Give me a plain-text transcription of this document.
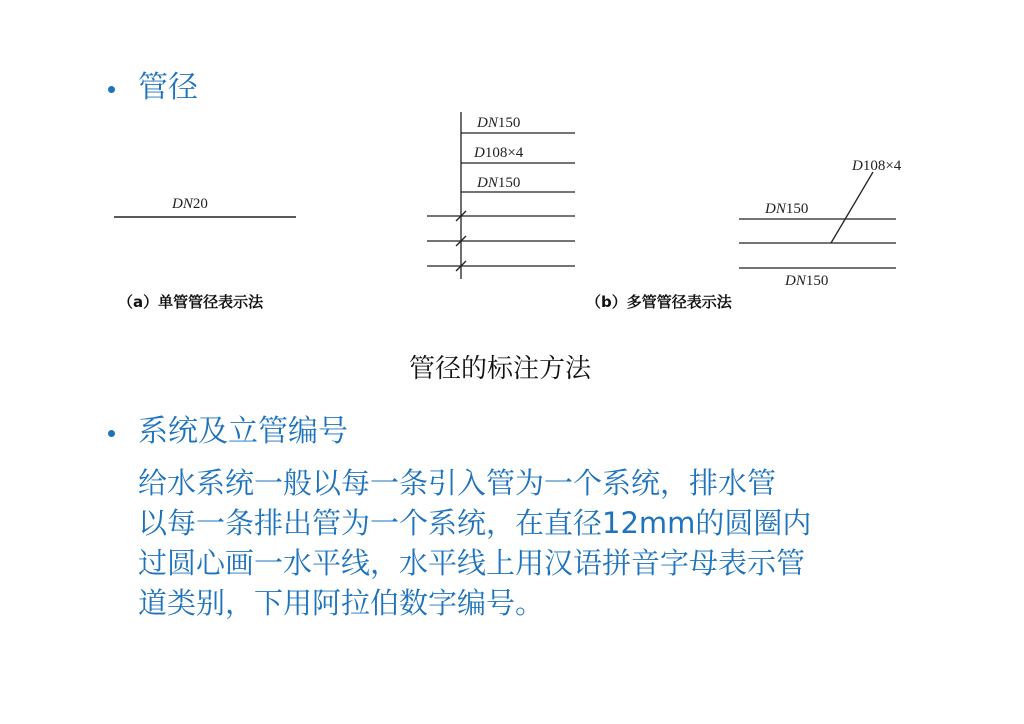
管径
DN20
（a）单管管径表示法
DN150
D108×4
DN150
（b）多管管径表示法
D108×4
DN150
DN150
管径的标注方法
系统及立管编号
给水系统一般以每一条引入管为一个系统，排水管
以每一条排出管为一个系统，在直径12mm的圆圈内
过圆心画一水平线，水平线上用汉语拼音字母表示管
道类别，下用阿拉伯数字编号。
